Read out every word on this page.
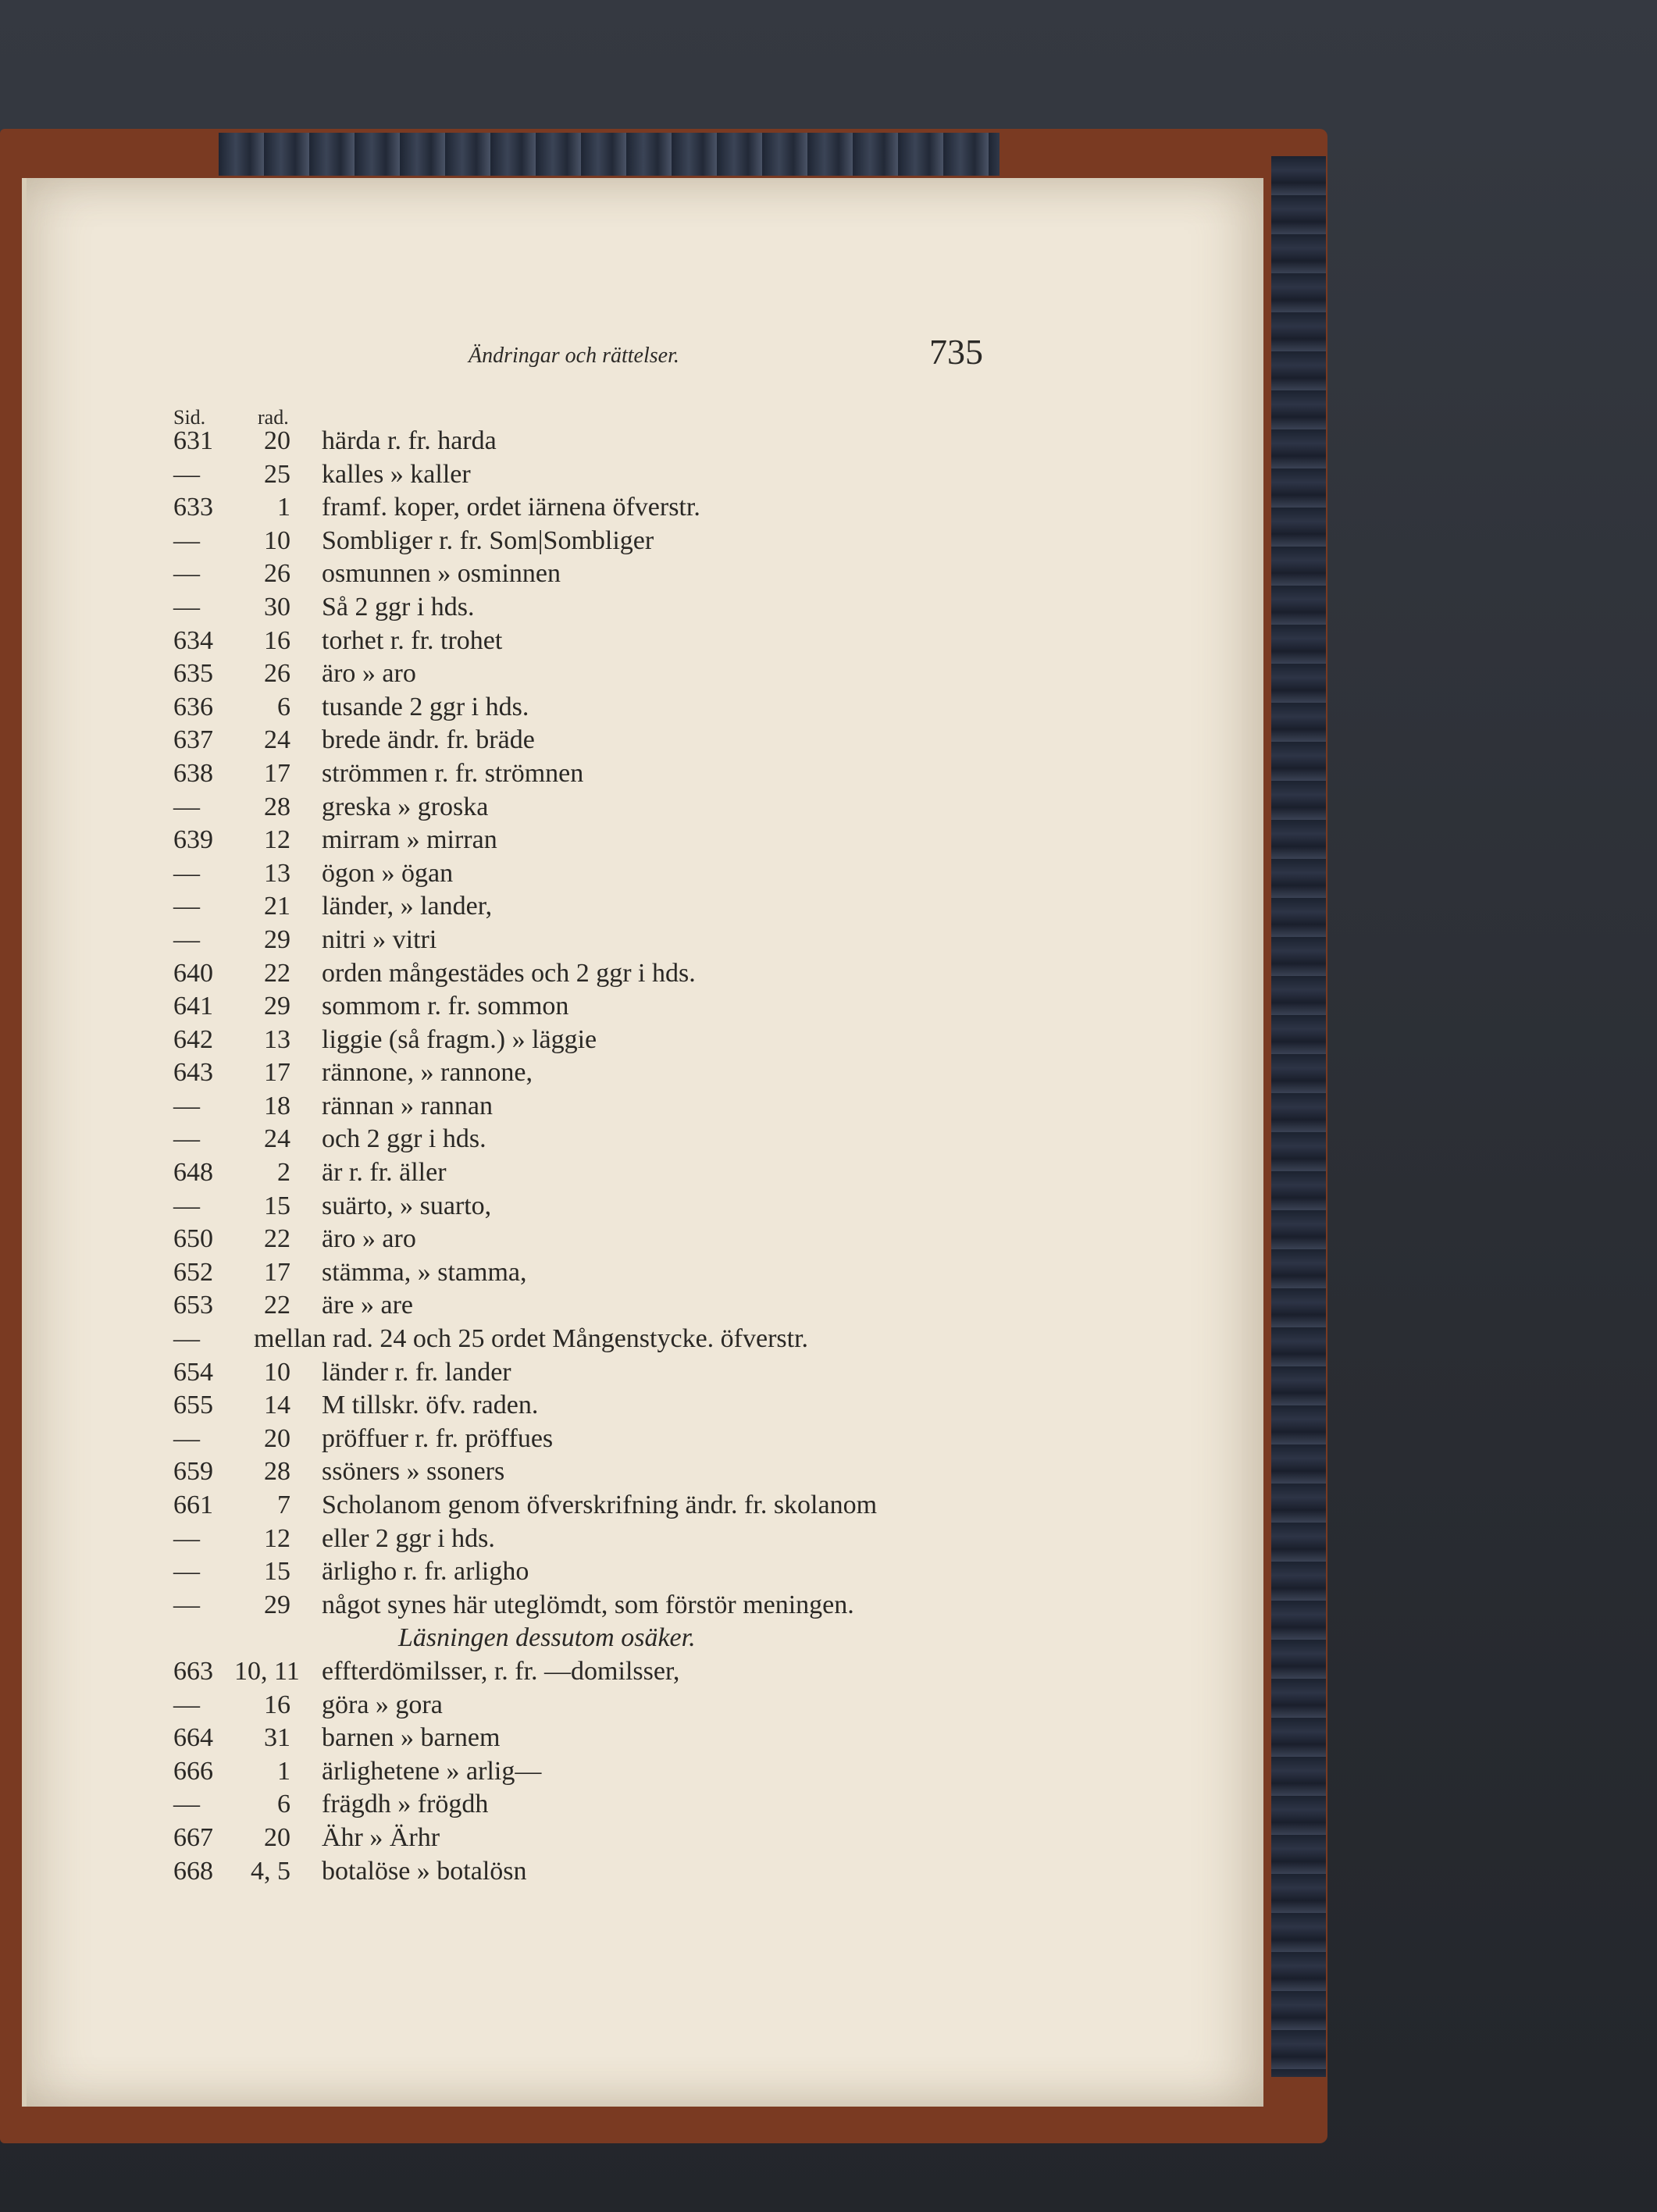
Ändringar och rättelser.	735
Sid.	rad.
631	20 härda r. fr. harda
—	25 kalles » kaller
633	1 framf. koper, ordet iärnena öfverstr.
—	10 Sombliger r. fr. Som|Sombliger
—	26 osmunnen » osminnen
—	30 Så 2 ggr i hds.
634	16 torhet r. fr. trohet
635	26 äro » aro
636	6 tusande 2 ggr i hds.
637	24 brede ändr. fr. bräde
638	17 strömmen r. fr. strömnen
—	28 greska » groska
639	12 mirram » mirran
—	13 ögon » ögan
—	21 länder, » lander,
—	29 nitri » vitri
640	22 orden mångestädes och 2 ggr i hds.
641	29 sommom r. fr. sommon
642	13 liggie (så fragm.) » läggie
643	17 rännone, » rannone,
—	18 rännan » rannan
—	24 och 2 ggr i hds.
648	2 är r. fr. äller
—	15 suärto, » suarto,
650	22 äro » aro
652	17 stämma, » stamma,
653	22 äre » are
—	mellan rad. 24 och 25 ordet Mångenstycke. öfverstr.
654	10 länder r. fr. lander
655	14 M tillskr. öfv. raden.
—	20 pröffuer r. fr. pröffues
659	28 ssöners » ssoners
661	7 Scholanom genom öfverskrifning ändr. fr. skolanom
—	12 eller 2 ggr i hds.
—	15 ärligho r. fr. arligho
—	29 något synes här uteglömdt, som förstör meningen.
Läsningen dessutom osäker.
663 10, 11 effterdömilsser, r. fr. —domilsser,
—	16 göra » gora
664	31 barnen » barnem
666	1 ärlighetene » arlig—
—	6 frägdh » frögdh
667	20 Ähr » Ärhr
668	4, 5 botalöse » botalösn
